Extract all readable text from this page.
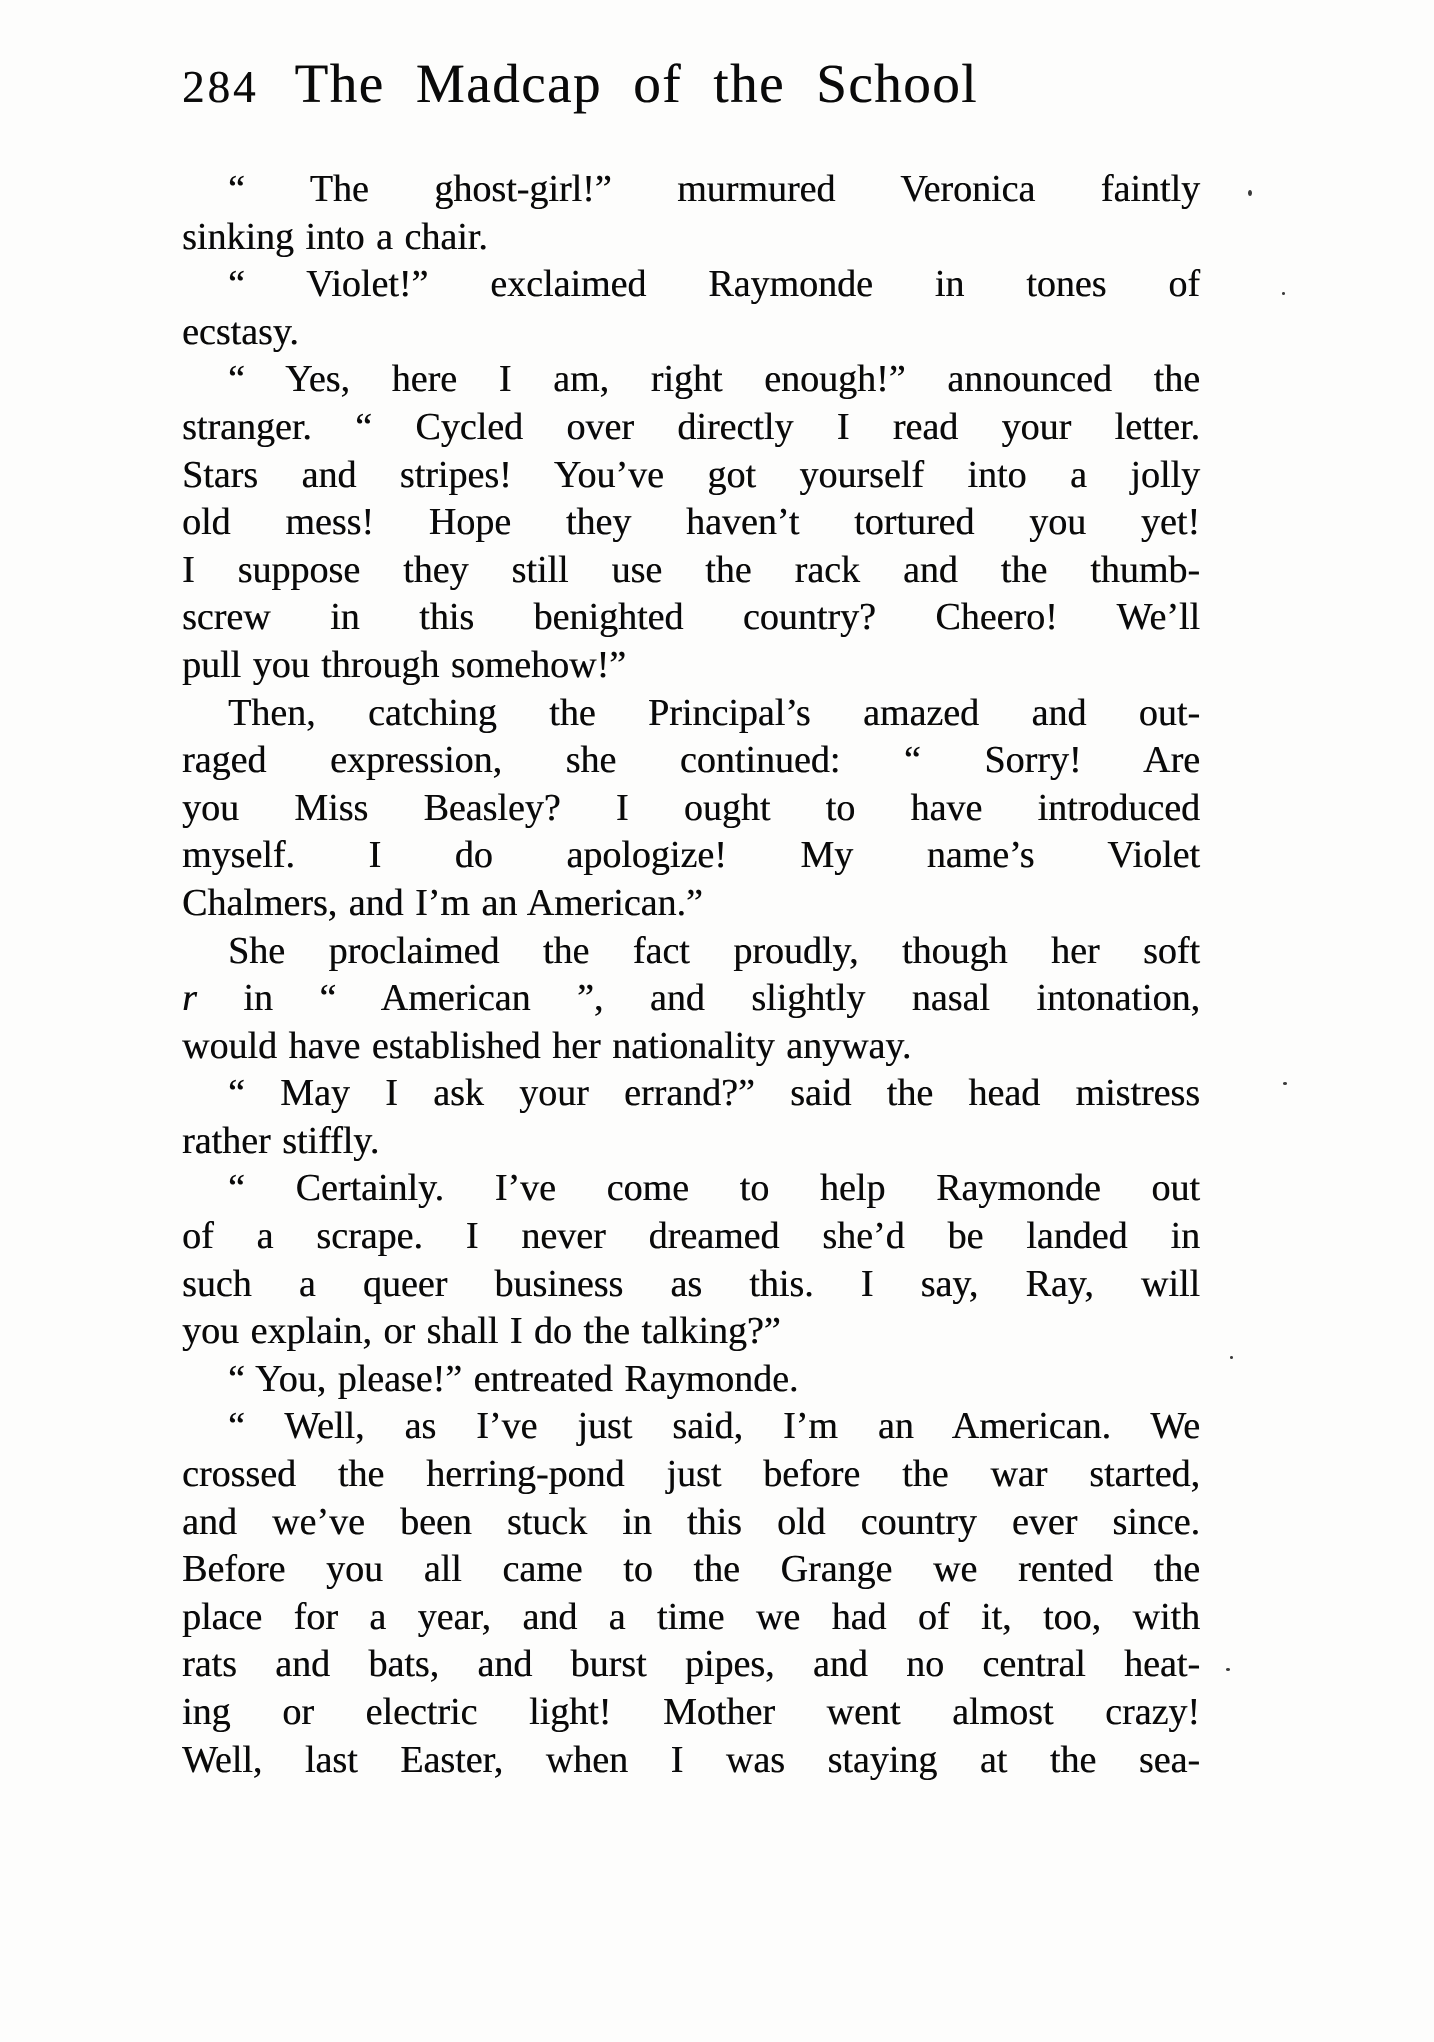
284 The Madcap of the School
“ The ghost-girl!” murmured Veronica faintly
sinking into a chair.
“ Violet!” exclaimed Raymonde in tones of
ecstasy.
“ Yes, here I am, right enough!” announced the
stranger. “ Cycled over directly I read your letter.
Stars and stripes! You’ve got yourself into a jolly
old mess! Hope they haven’t tortured you yet!
I suppose they still use the rack and the thumb-
screw in this benighted country? Cheero! We’ll
pull you through somehow!”
Then, catching the Principal’s amazed and out-
raged expression, she continued: “ Sorry! Are
you Miss Beasley? I ought to have introduced
myself. I do apologize! My name’s Violet
Chalmers, and I’m an American.”
She proclaimed the fact proudly, though her soft
r in “ American ”, and slightly nasal intonation,
would have established her nationality anyway.
“ May I ask your errand?” said the head mistress
rather stiffly.
“ Certainly. I’ve come to help Raymonde out
of a scrape. I never dreamed she’d be landed in
such a queer business as this. I say, Ray, will
you explain, or shall I do the talking?”
“ You, please!” entreated Raymonde.
“ Well, as I’ve just said, I’m an American. We
crossed the herring-pond just before the war started,
and we’ve been stuck in this old country ever since.
Before you all came to the Grange we rented the
place for a year, and a time we had of it, too, with
rats and bats, and burst pipes, and no central heat-
ing or electric light! Mother went almost crazy!
Well, last Easter, when I was staying at the sea-
